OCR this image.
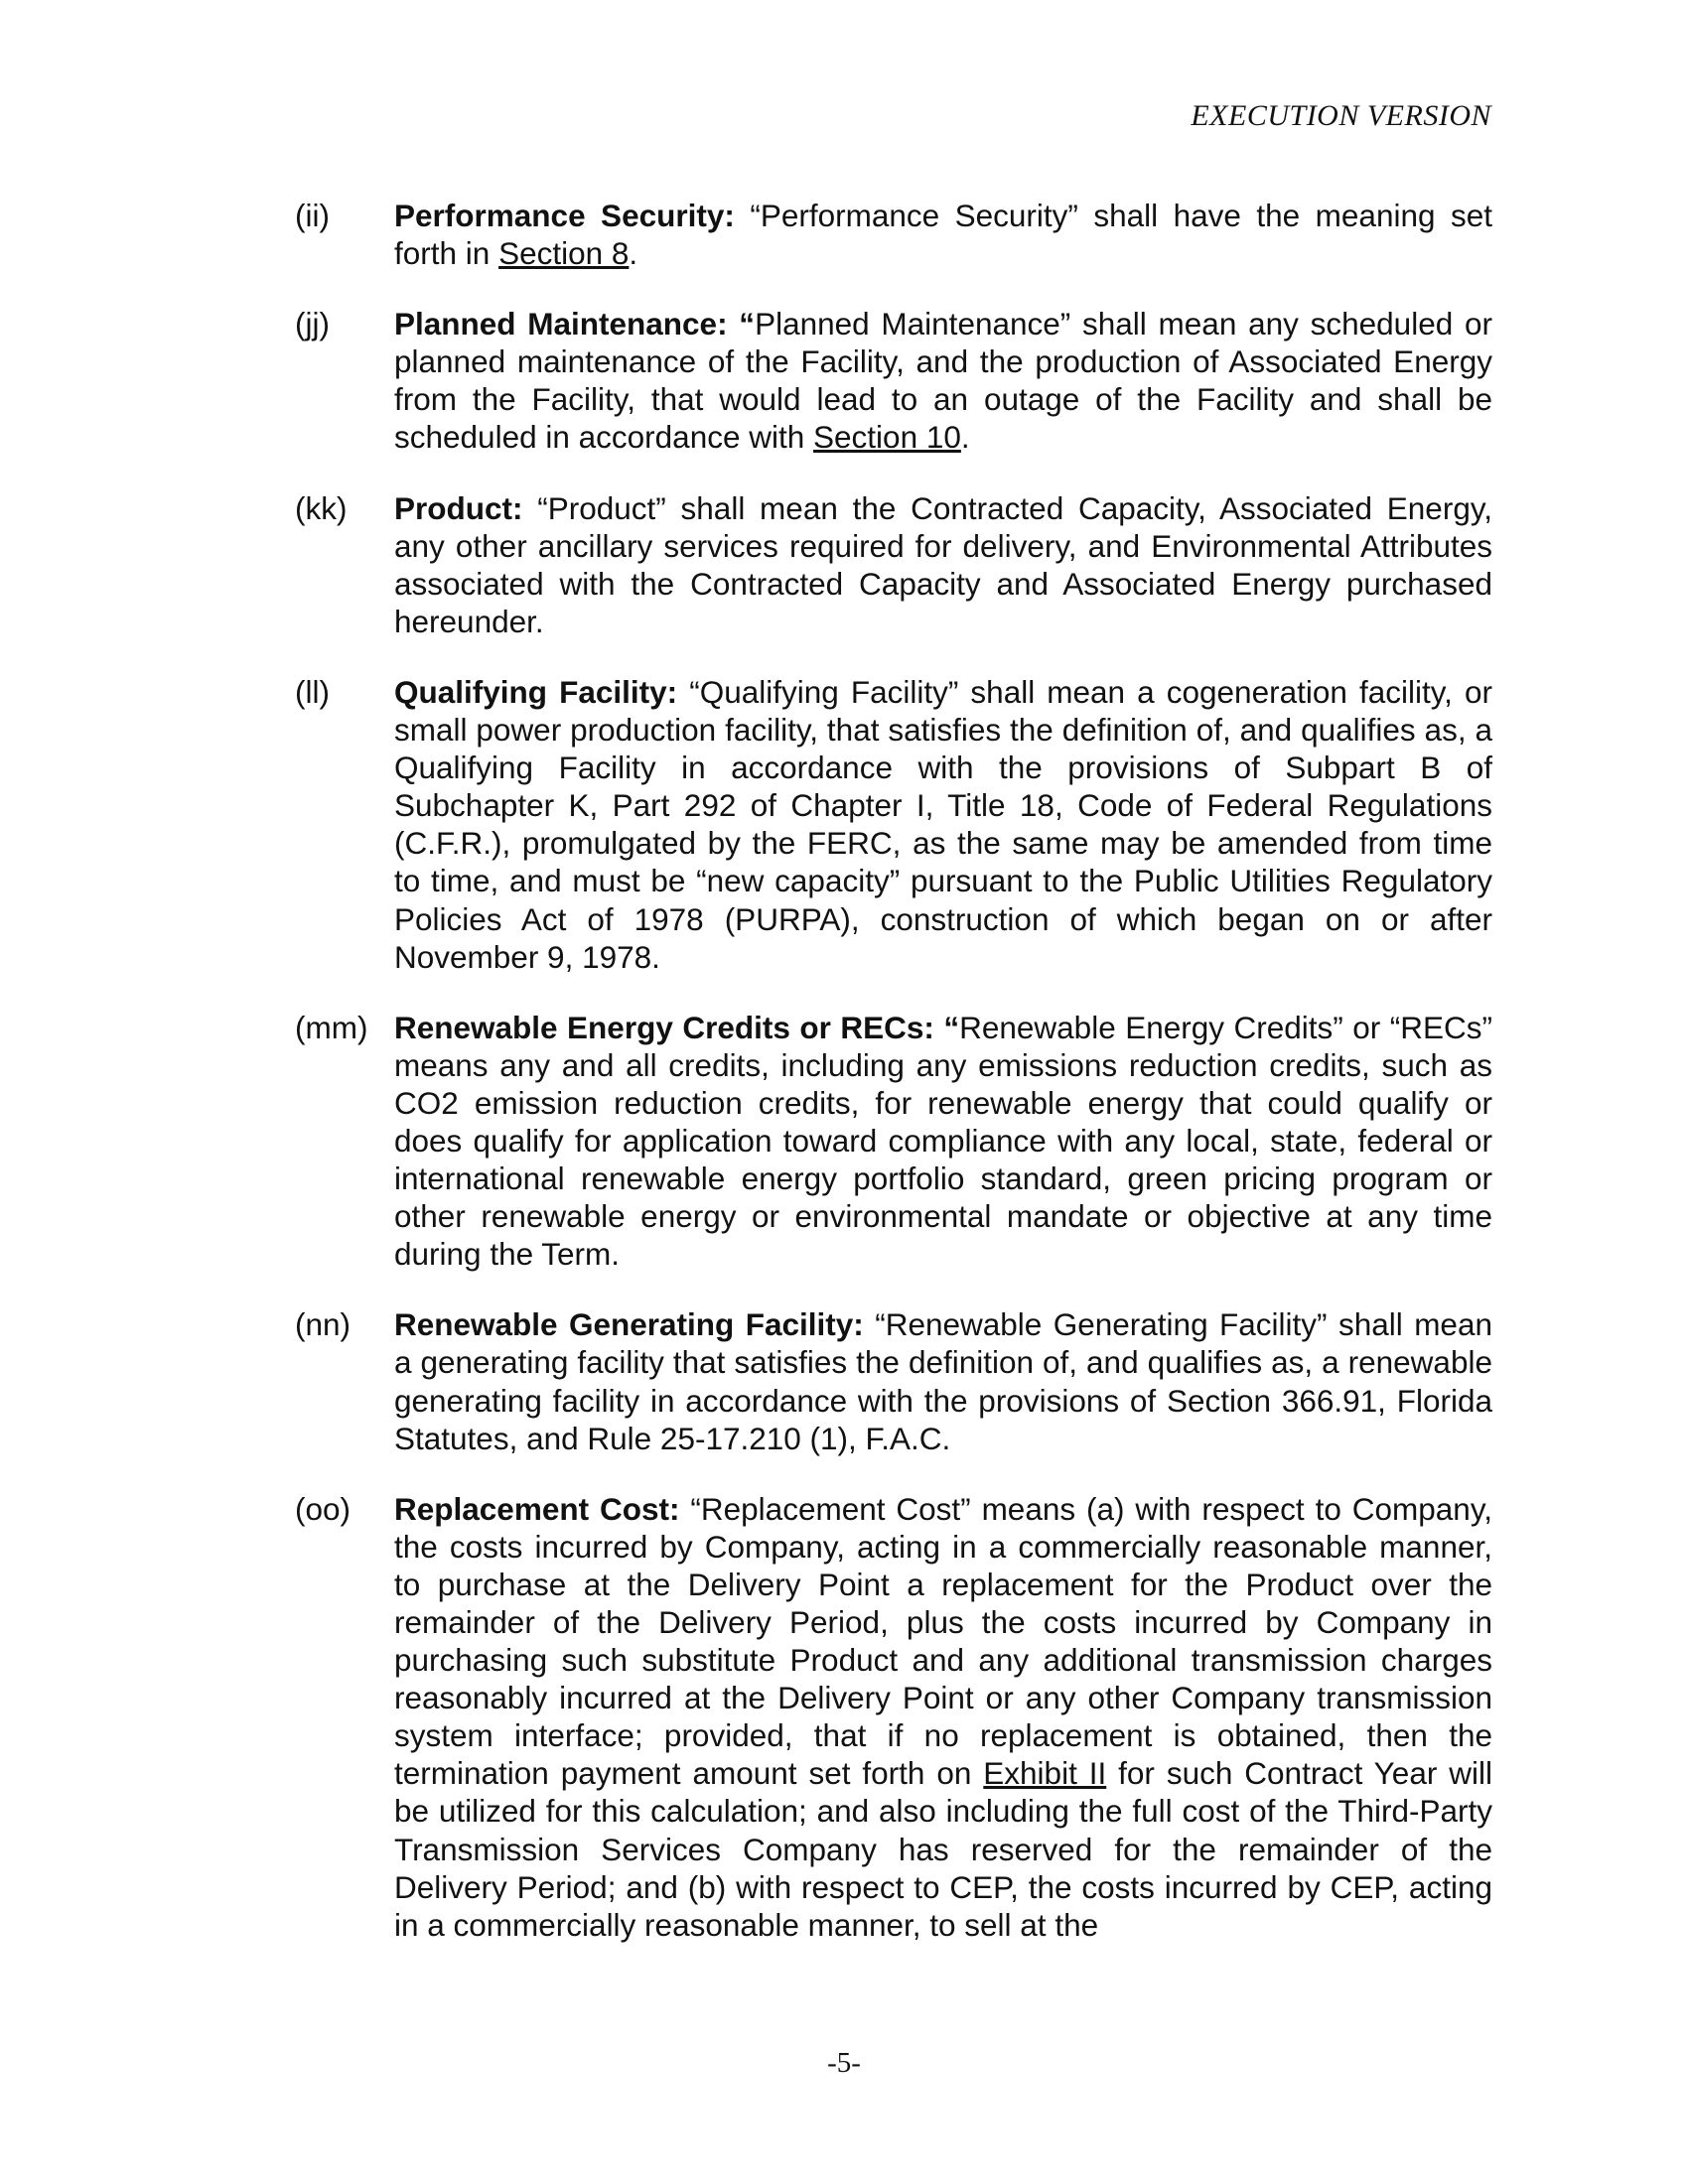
EXECUTION VERSION
(ii) Performance Security: “Performance Security” shall have the meaning set forth in Section 8.
(jj) Planned Maintenance: “Planned Maintenance” shall mean any scheduled or planned maintenance of the Facility, and the production of Associated Energy from the Facility, that would lead to an outage of the Facility and shall be scheduled in accordance with Section 10.
(kk) Product: “Product” shall mean the Contracted Capacity, Associated Energy, any other ancillary services required for delivery, and Environmental Attributes associated with the Contracted Capacity and Associated Energy purchased hereunder.
(ll) Qualifying Facility: “Qualifying Facility” shall mean a cogeneration facility, or small power production facility, that satisfies the definition of, and qualifies as, a Qualifying Facility in accordance with the provisions of Subpart B of Subchapter K, Part 292 of Chapter I, Title 18, Code of Federal Regulations (C.F.R.), promulgated by the FERC, as the same may be amended from time to time, and must be “new capacity” pursuant to the Public Utilities Regulatory Policies Act of 1978 (PURPA), construction of which began on or after November 9, 1978.
(mm) Renewable Energy Credits or RECs: “Renewable Energy Credits” or “RECs” means any and all credits, including any emissions reduction credits, such as CO2 emission reduction credits, for renewable energy that could qualify or does qualify for application toward compliance with any local, state, federal or international renewable energy portfolio standard, green pricing program or other renewable energy or environmental mandate or objective at any time during the Term.
(nn) Renewable Generating Facility: “Renewable Generating Facility” shall mean a generating facility that satisfies the definition of, and qualifies as, a renewable generating facility in accordance with the provisions of Section 366.91, Florida Statutes, and Rule 25-17.210 (1), F.A.C.
(oo) Replacement Cost: “Replacement Cost” means (a) with respect to Company, the costs incurred by Company, acting in a commercially reasonable manner, to purchase at the Delivery Point a replacement for the Product over the remainder of the Delivery Period, plus the costs incurred by Company in purchasing such substitute Product and any additional transmission charges reasonably incurred at the Delivery Point or any other Company transmission system interface; provided, that if no replacement is obtained, then the termination payment amount set forth on Exhibit II for such Contract Year will be utilized for this calculation; and also including the full cost of the Third-Party Transmission Services Company has reserved for the remainder of the Delivery Period; and (b) with respect to CEP, the costs incurred by CEP, acting in a commercially reasonable manner, to sell at the
-5-
